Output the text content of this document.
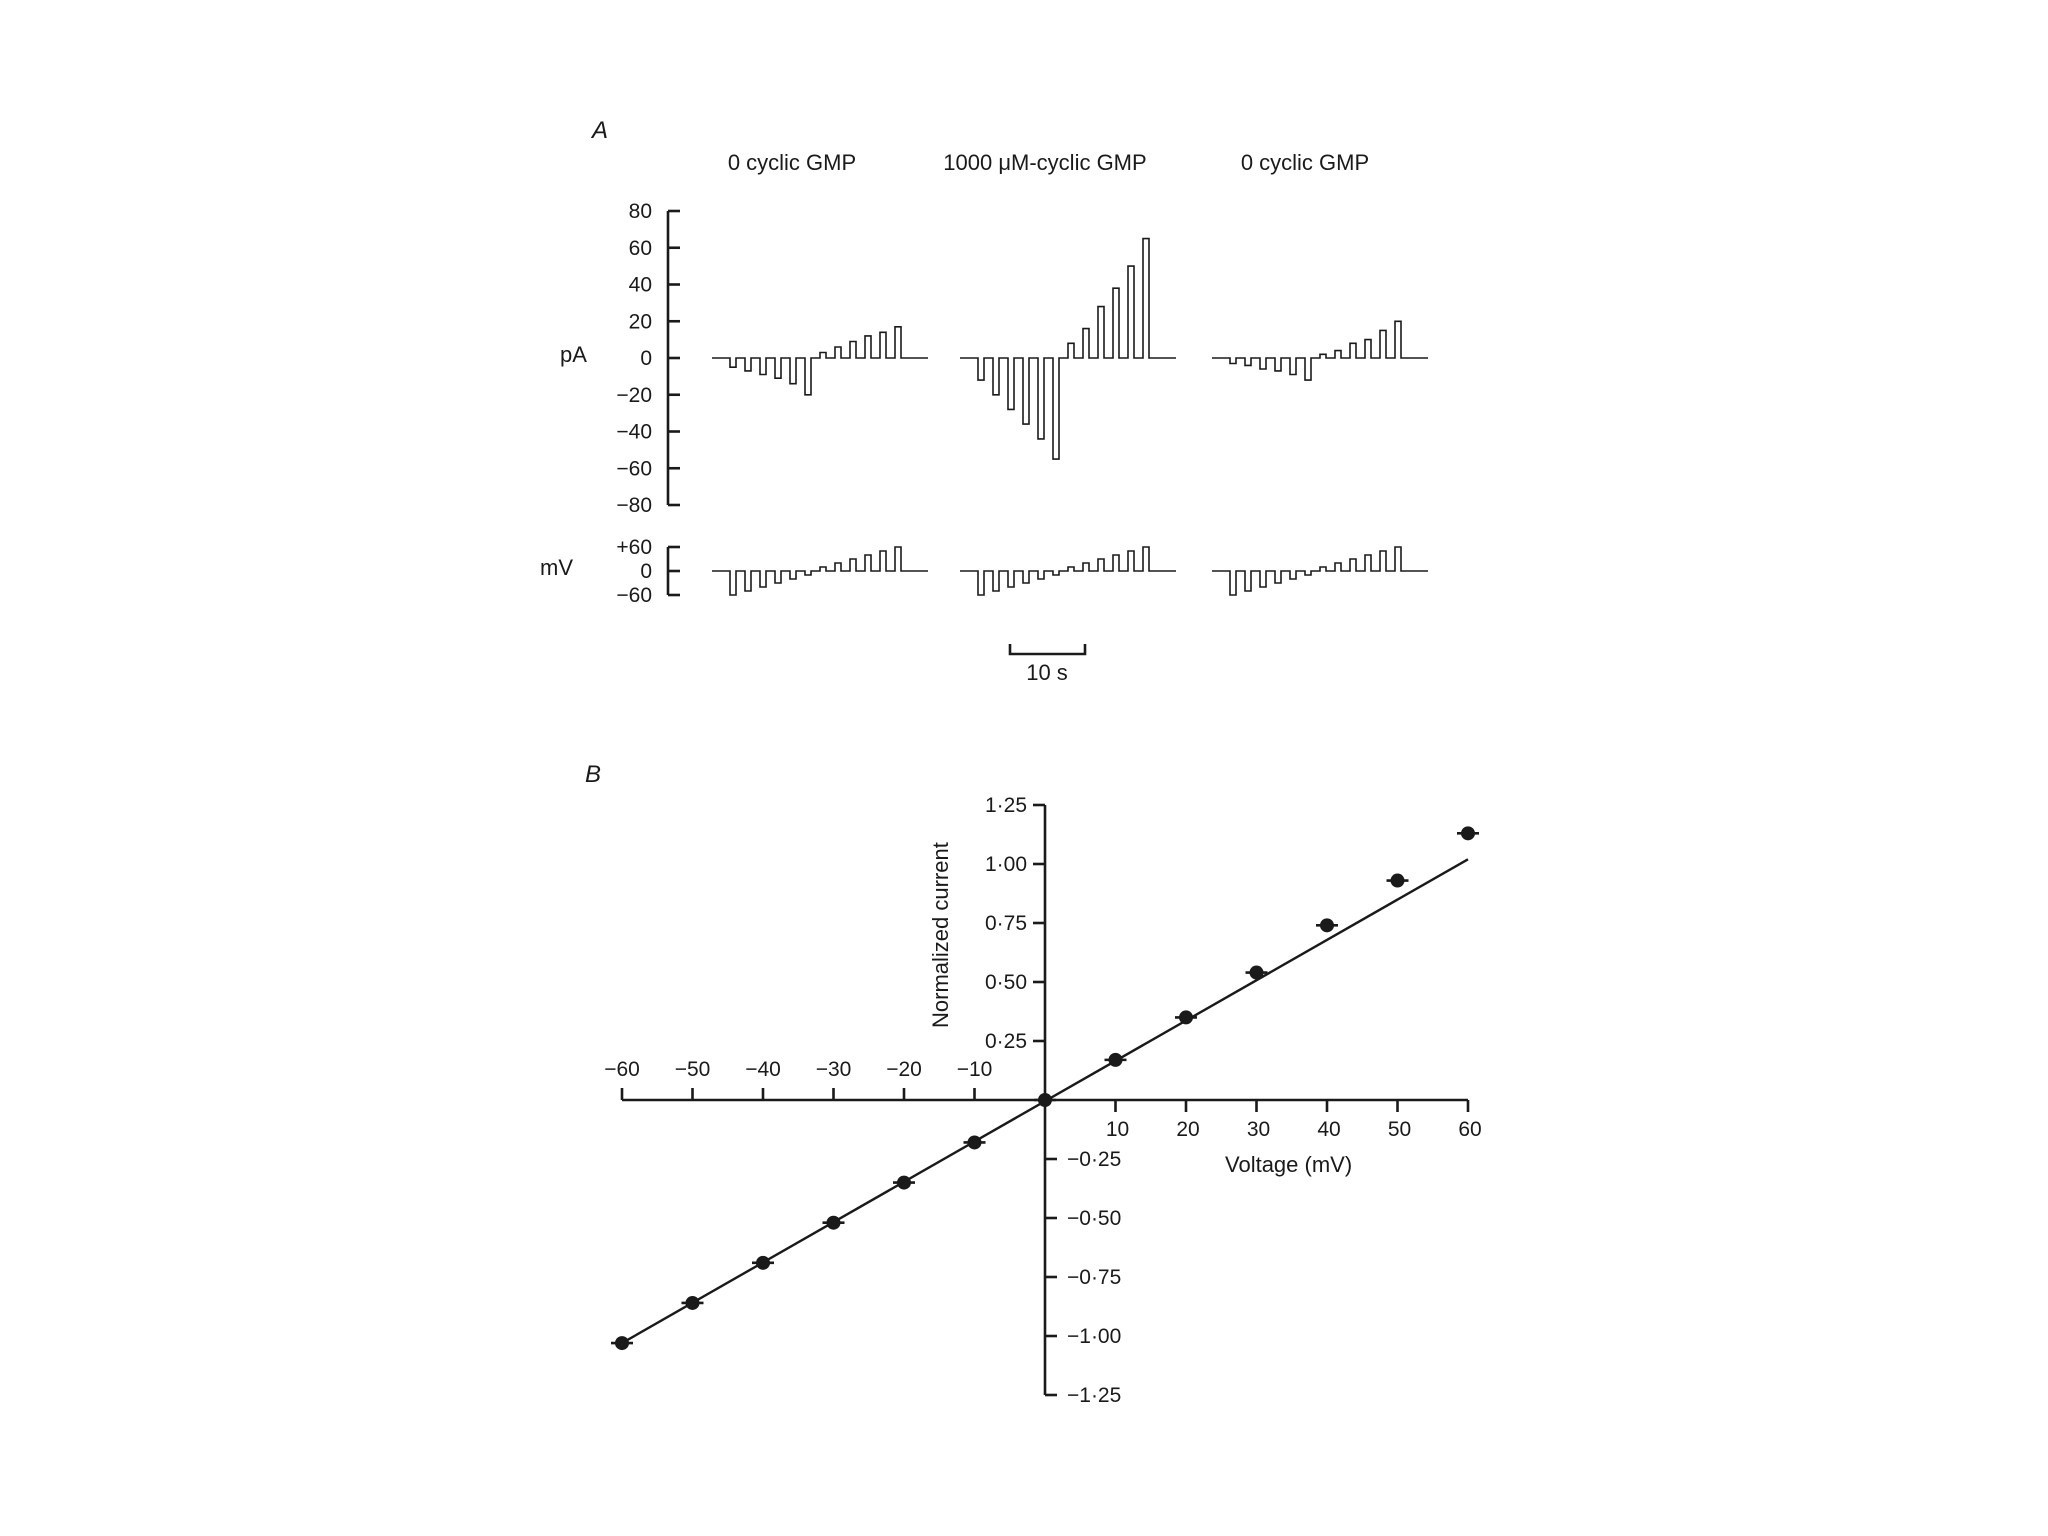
A
0 cyclic GMP	1000 μM-cyclic GMP	0 cyclic GMP
pA
mV
80
60
40
20
0
−20
−40
−60
−80
+60
0
−60
10 s
B
−60 −50 −40 −30 −20 −10
10 20 30 40 50 60
1·25
1·00
0·75
0·50
0·25
−0·25
−0·50
−0·75
−1·00
−1·25
Normalized current
Voltage (mV)
